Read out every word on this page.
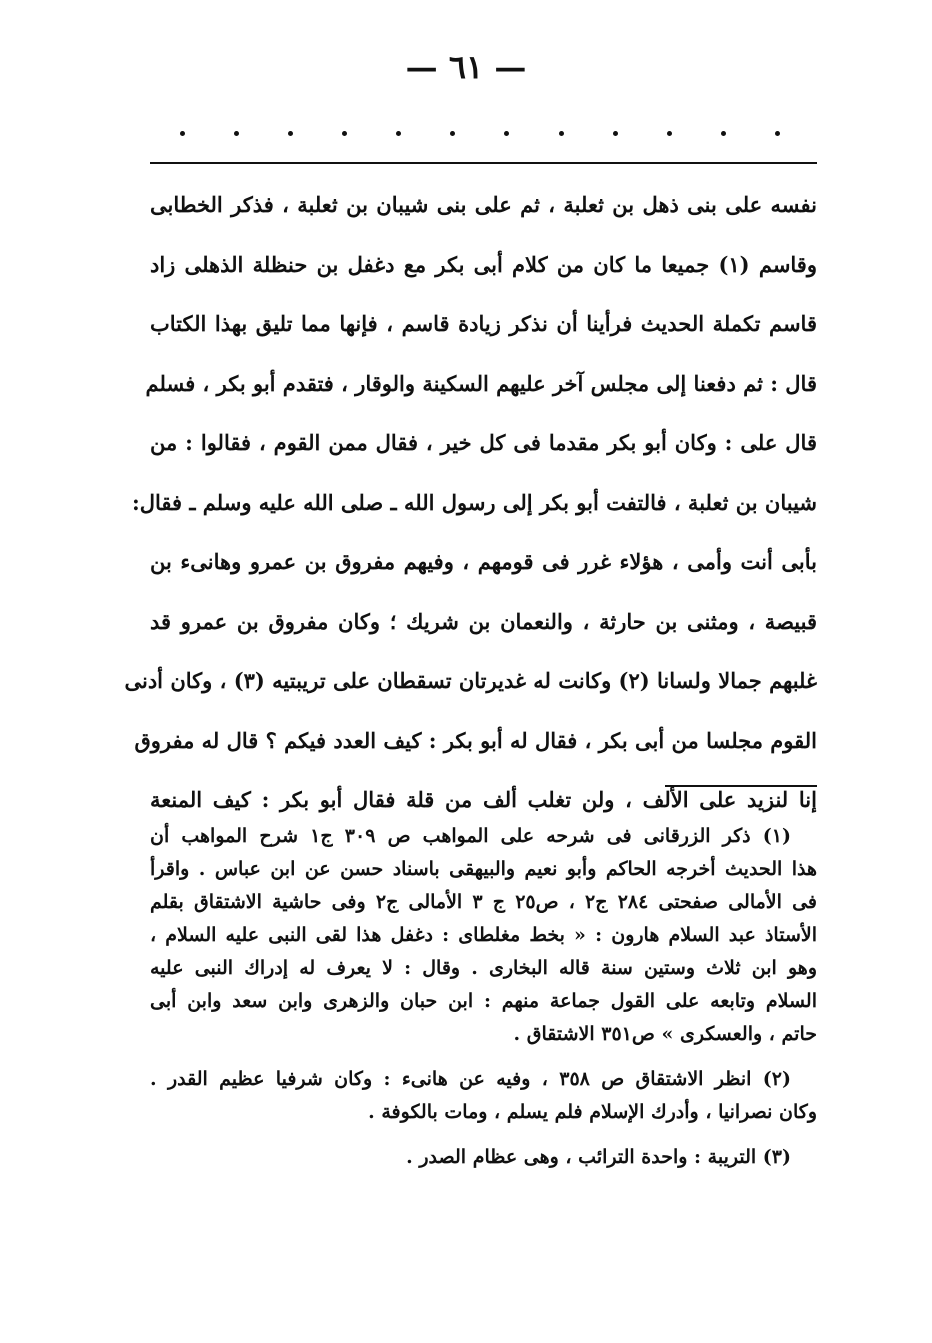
— ٦١ —
نفسه على بنى ذهل بن ثعلبة ، ثم على بنى شيبان بن ثعلبة ، فذكر الخطابى
وقاسم (١) جميعا ما كان من كلام أبى بكر مع دغفل بن حنظلة الذهلى زاد
قاسم تكملة الحديث فرأينا أن نذكر زيادة قاسم ، فإنها مما تليق بهذا الكتاب
قال : ثم دفعنا إلى مجلس آخر عليهم السكينة والوقار ، فتقدم أبو بكر ، فسلم
قال على : وكان أبو بكر مقدما فى كل خير ، فقال ممن القوم ، فقالوا : من
شيبان بن ثعلبة ، فالتفت أبو بكر إلى رسول الله ـ صلى الله عليه وسلم ـ فقال:
بأبى أنت وأمى ، هؤلاء غرر فى قومهم ، وفيهم مفروق بن عمرو وهانىء بن
قبيصة ، ومثنى بن حارثة ، والنعمان بن شريك ؛ وكان مفروق بن عمرو قد
غلبهم جمالا ولسانا (٢) وكانت له غديرتان تسقطان على تريبتيه (٣) ، وكان أدنى
القوم مجلسا من أبى بكر ، فقال له أبو بكر : كيف العدد فيكم ؟ قال له مفروق
إنا لنزيد على الألف ، ولن تغلب ألف من قلة فقال أبو بكر : كيف المنعة
(١) ذكر الزرقانى فى شرحه على المواهب ص ٣٠٩ ج١ شرح المواهب أن
هذا الحديث أخرجه الحاكم وأبو نعيم والبيهقى باسناد حسن عن ابن عباس . واقرأ
فى الأمالى صفحتى ٢٨٤ ج٢ ، ص٢٥ ج ٣ الأمالى ج٢ وفى حاشية الاشتقاق بقلم
الأستاذ عبد السلام هارون : « بخط مغلطاى : دغفل هذا لقى النبى عليه السلام ،
وهو ابن ثلاث وستين سنة قاله البخارى . وقال : لا يعرف له إدراك النبى عليه
السلام وتابعه على القول جماعة منهم : ابن حبان والزهرى وابن سعد وابن أبى
حاتم ، والعسكرى » ص٣٥١ الاشتقاق .
(٢) انظر الاشتقاق ص ٣٥٨ ، وفيه عن هانىء : وكان شرفيا عظيم القدر .
وكان نصرانيا ، وأدرك الإسلام فلم يسلم ، ومات بالكوفة .
(٣) التريبة : واحدة الترائب ، وهى عظام الصدر .
